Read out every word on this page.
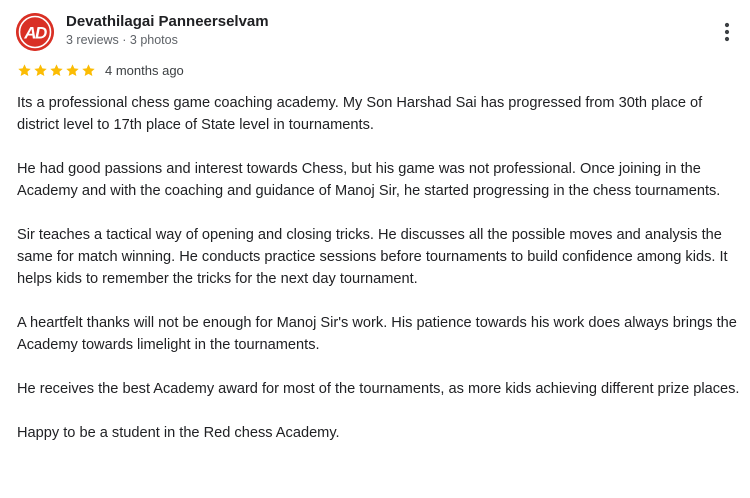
AD
Devathilagai Panneerselvam
3 reviews · 3 photos
4 months ago

Its a professional chess game coaching academy. My Son Harshad Sai has progressed from 30th place of district level to 17th place of State level in tournaments.

He had good passions and interest towards Chess, but his game was not professional. Once joining in the Academy and with the coaching and guidance of Manoj Sir, he started progressing in the chess tournaments.

Sir teaches a tactical way of opening and closing tricks. He discusses all the possible moves and analysis the same for match winning. He conducts practice sessions before tournaments to build confidence among kids. It helps kids to remember the tricks for the next day tournament.

A heartfelt thanks will not be enough for Manoj Sir's work. His patience towards his work does always brings the Academy towards limelight in the tournaments.

He receives the best Academy award for most of the tournaments, as more kids achieving different prize places.

Happy to be a student in the Red chess Academy.
